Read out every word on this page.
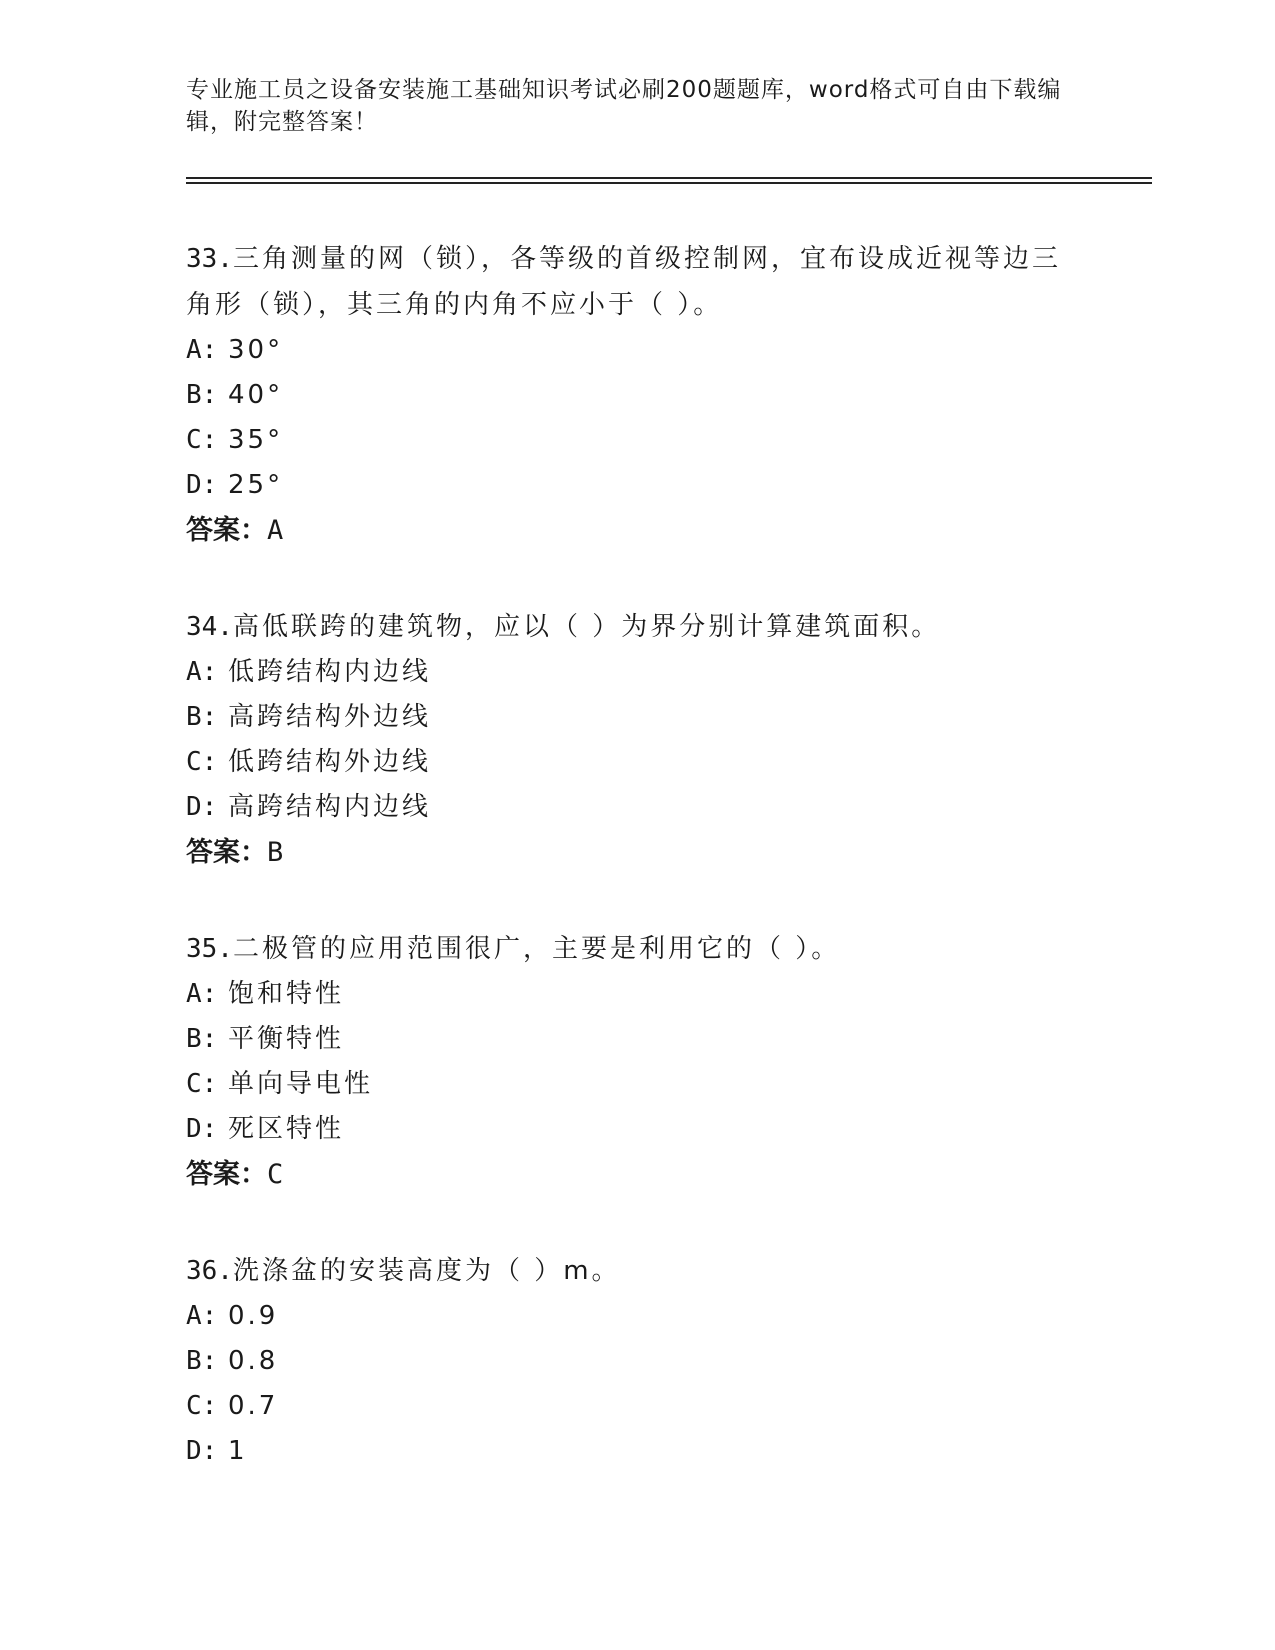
专业施工员之设备安装施工基础知识考试必刷200题题库，word格式可自由下载编辑，附完整答案！
33.三角测量的网（锁），各等级的首级控制网，宜布设成近视等边三角形（锁），其三角的内角不应小于（ ）。
A: 30°
B: 40°
C: 35°
D: 25°
答案：A
34.高低联跨的建筑物，应以（ ）为界分别计算建筑面积。
A: 低跨结构内边线
B: 高跨结构外边线
C: 低跨结构外边线
D: 高跨结构内边线
答案：B
35.二极管的应用范围很广，主要是利用它的（ ）。
A: 饱和特性
B: 平衡特性
C: 单向导电性
D: 死区特性
答案：C
36.洗涤盆的安装高度为（ ）m。
A: 0.9
B: 0.8
C: 0.7
D: 1
